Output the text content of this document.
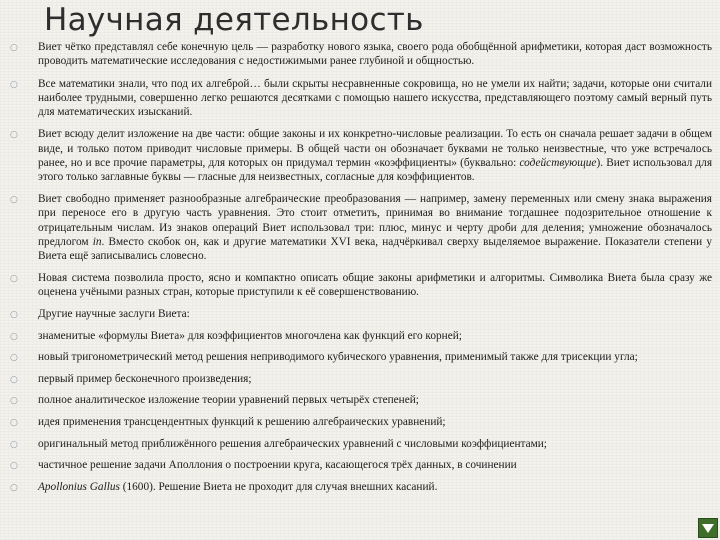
Научная деятельность
○	Виет чётко представлял себе конечную цель — разработку нового языка, своего рода обобщённой арифметики, которая даст возможность проводить математические исследования с недостижимыми ранее глубиной и общностью.
○	Все математики знали, что под их алгеброй… были скрыты несравненные сокровища, но не умели их найти; задачи, которые они считали наиболее трудными, совершенно легко решаются десятками с помощью нашего искусства, представляющего поэтому самый верный путь для математических изысканий.
○	Виет всюду делит изложение на две части: общие законы и их конкретно-числовые реализации. То есть он сначала решает задачи в общем виде, и только потом приводит числовые примеры. В общей части он обозначает буквами не только неизвестные, что уже встречалось ранее, но и все прочие параметры, для которых он придумал термин «коэффициенты» (буквально: содействующие). Виет использовал для этого только заглавные буквы — гласные для неизвестных, согласные для коэффициентов.
○	Виет свободно применяет разнообразные алгебраические преобразования — например, замену переменных или смену знака выражения при переносе его в другую часть уравнения. Это стоит отметить, принимая во внимание тогдашнее подозрительное отношение к отрицательным числам. Из знаков операций Виет использовал три: плюс, минус и черту дроби для деления; умножение обозначалось предлогом in. Вместо скобок он, как и другие математики XVI века, надчёркивал сверху выделяемое выражение. Показатели степени у Виета ещё записывались словесно.
○	Новая система позволила просто, ясно и компактно описать общие законы арифметики и алгоритмы. Символика Виета была сразу же оценена учёными разных стран, которые приступили к её совершенствованию.
○	Другие научные заслуги Виета:
○	знаменитые «формулы Виета» для коэффициентов многочлена как функций его корней;
○	новый тригонометрический метод решения неприводимого кубического уравнения, применимый также для трисекции угла;
○	первый пример бесконечного произведения;
○	полное аналитическое изложение теории уравнений первых четырёх степеней;
○	идея применения трансцендентных функций к решению алгебраических уравнений;
○	оригинальный метод приближённого решения алгебраических уравнений с числовыми коэффициентами;
○	частичное решение задачи Аполлония о построении круга, касающегося трёх данных, в сочинении
○	Apollonius Gallus (1600). Решение Виета не проходит для случая внешних касаний.
